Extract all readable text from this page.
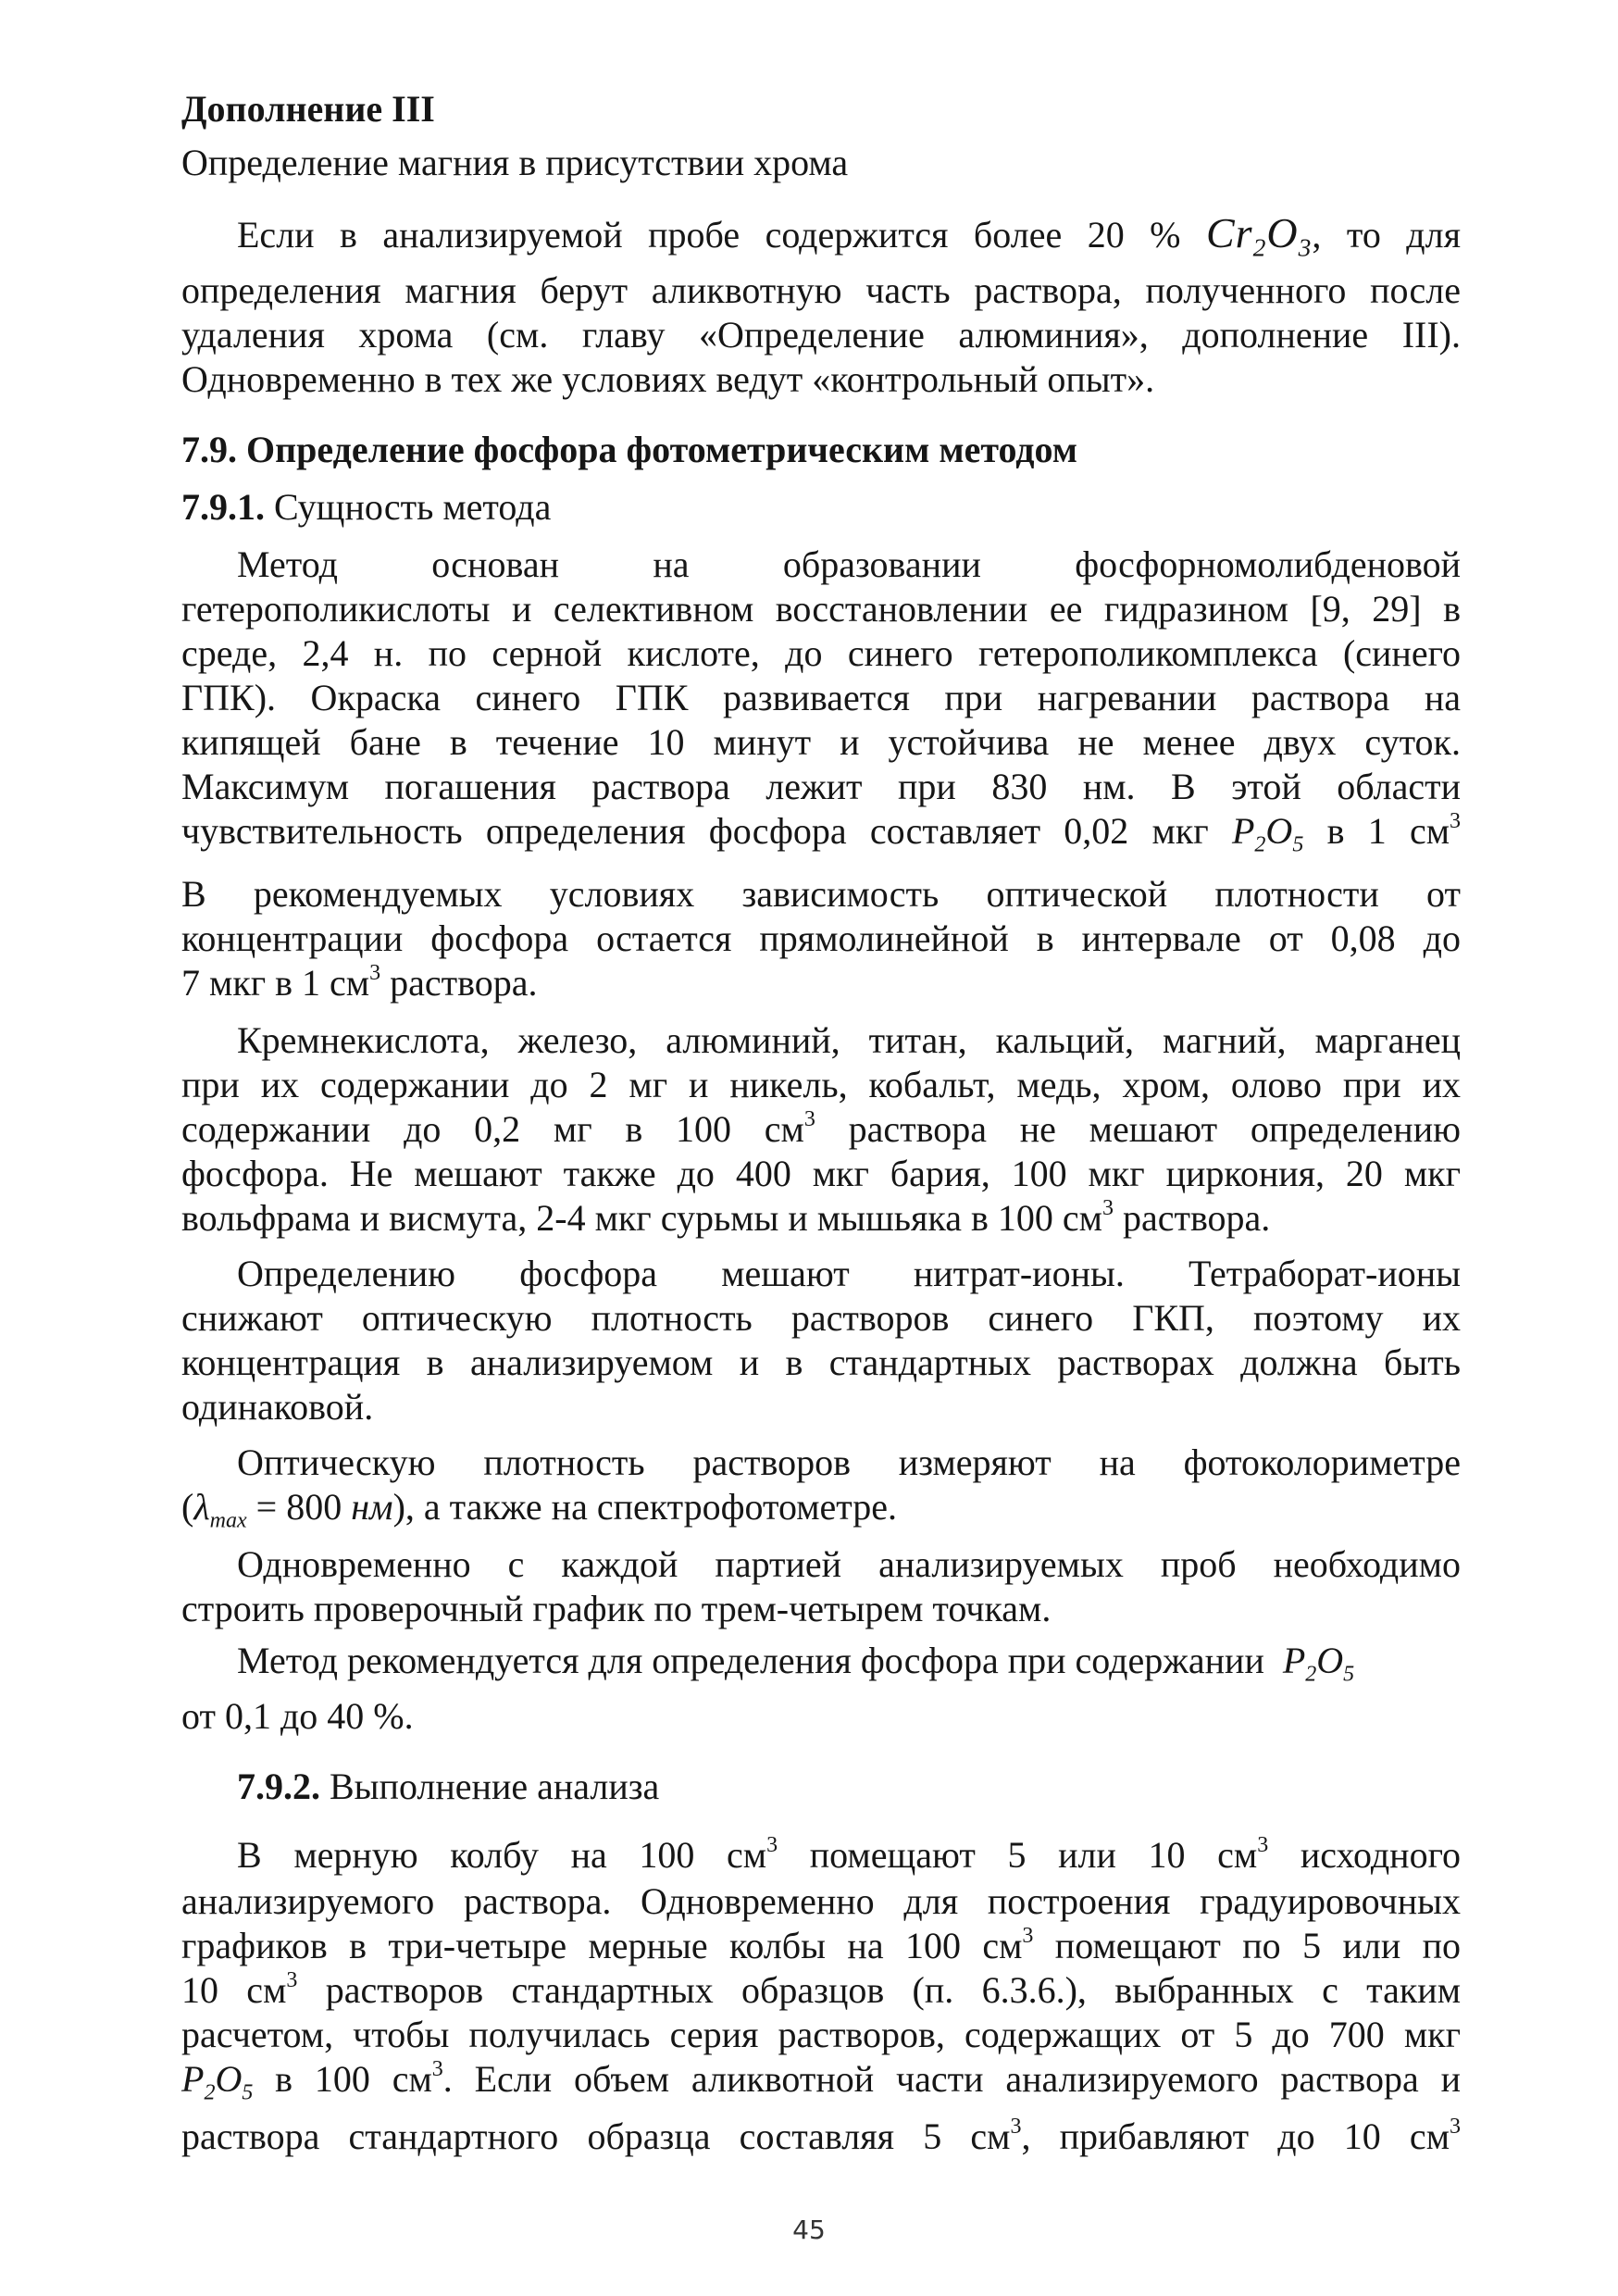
Дополнение III
Определение магния в присутствии хрома
Если в анализируемой пробе содержится более 20 % $Cr_2O_3$, то для
определения магния берут аликвотную часть раствора, полученного после
удаления хрома (см. главу «Определение алюминия», дополнение III).
Одновременно в тех же условиях ведут «контрольный опыт».
7.9. Определение фосфора фотометрическим методом
7.9.1. Сущность метода
Метод основан на образовании фосфорномолибденовой
гетерополикислоты и селективном восстановлении ее гидразином [9, 29] в
среде, 2,4 н. по серной кислоте, до синего гетерополикомплекса (синего
ГПК). Окраска синего ГПК развивается при нагревании раствора на
кипящей бане в течение 10 минут и устойчива не менее двух суток.
Максимум погашения раствора лежит при 830 нм. В этой области
чувствительность определения фосфора составляет 0,02 мкг $P_2O_5$ в 1 $см^3$
В рекомендуемых условиях зависимость оптической плотности от
концентрации фосфора остается прямолинейной в интервале от 0,08 до
7 мкг в 1 $см^3$ раствора.
Кремнекислота, железо, алюминий, титан, кальций, магний, марганец
при их содержании до 2 мг и никель, кобальт, медь, хром, олово при их
содержании до 0,2 мг в 100 $см^3$ раствора не мешают определению
фосфора. Не мешают также до 400 мкг бария, 100 мкг циркония, 20 мкг
вольфрама и висмута, 2-4 мкг сурьмы и мышьяка в 100 $см^3$ раствора.
Определению фосфора мешают нитрат-ионы. Тетраборат-ионы
снижают оптическую плотность растворов синего ГКП, поэтому их
концентрация в анализируемом и в стандартных растворах должна быть
одинаковой.
Оптическую плотность растворов измеряют на фотоколориметре
($\lambda_{max} = 800$ нм), а также на спектрофотометре.
Одновременно с каждой партией анализируемых проб необходимо
строить проверочный график по трем-четырем точкам.
Метод рекомендуется для определения фосфора при содержании $P_2O_5$
от 0,1 до 40 %.
7.9.2. Выполнение анализа
В мерную колбу на 100 $см^3$ помещают 5 или 10 $см^3$ исходного
анализируемого раствора. Одновременно для построения градуировочных
графиков в три-четыре мерные колбы на 100 $см^3$ помещают по 5 или по
10 $см^3$ растворов стандартных образцов (п. 6.3.6.), выбранных с таким
расчетом, чтобы получилась серия растворов, содержащих от 5 до 700 мкг
$P_2O_5$ в 100 $см^3$. Если объем аликвотной части анализируемого раствора и
раствора стандартного образца составляя 5 $см^3$, прибавляют до 10 $см^3$
45
